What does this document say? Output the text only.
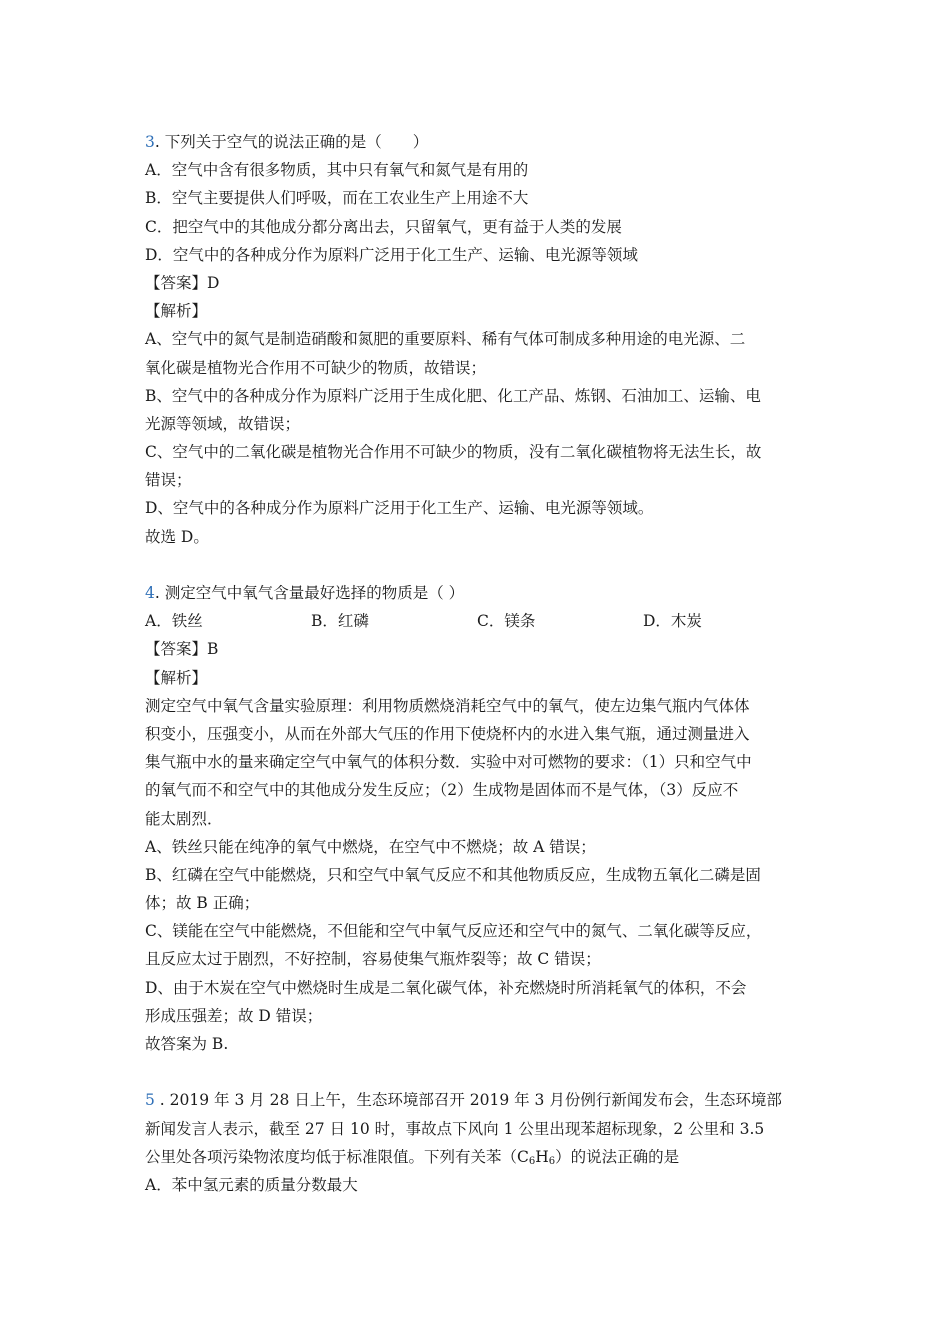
3. 下列关于空气的说法正确的是（　　）
A．空气中含有很多物质，其中只有氧气和氮气是有用的
B．空气主要提供人们呼吸，而在工农业生产上用途不大
C．把空气中的其他成分都分离出去，只留氧气，更有益于人类的发展
D．空气中的各种成分作为原料广泛用于化工生产、运输、电光源等领域
【答案】D
【解析】
A、空气中的氮气是制造硝酸和氮肥的重要原料、稀有气体可制成多种用途的电光源、二
氧化碳是植物光合作用不可缺少的物质，故错误；
B、空气中的各种成分作为原料广泛用于生成化肥、化工产品、炼钢、石油加工、运输、电
光源等领域，故错误；
C、空气中的二氧化碳是植物光合作用不可缺少的物质，没有二氧化碳植物将无法生长，故
错误；
D、空气中的各种成分作为原料广泛用于化工生产、运输、电光源等领域。
故选 D。
4. 测定空气中氧气含量最好选择的物质是（ ）
A．铁丝	B．红磷	C．镁条	D．木炭
【答案】B
【解析】
测定空气中氧气含量实验原理：利用物质燃烧消耗空气中的氧气，使左边集气瓶内气体体
积变小，压强变小，从而在外部大气压的作用下使烧杯内的水进入集气瓶，通过测量进入
集气瓶中水的量来确定空气中氧气的体积分数．实验中对可燃物的要求：（1）只和空气中
的氧气而不和空气中的其他成分发生反应；（2）生成物是固体而不是气体，（3）反应不
能太剧烈．
A、铁丝只能在纯净的氧气中燃烧，在空气中不燃烧；故 A 错误；
B、红磷在空气中能燃烧，只和空气中氧气反应不和其他物质反应，生成物五氧化二磷是固
体；故 B 正确；
C、镁能在空气中能燃烧，不但能和空气中氧气反应还和空气中的氮气、二氧化碳等反应，
且反应太过于剧烈，不好控制，容易使集气瓶炸裂等；故 C 错误；
D、由于木炭在空气中燃烧时生成是二氧化碳气体，补充燃烧时所消耗氧气的体积，不会
形成压强差；故 D 错误；
故答案为 B.
5 . 2019 年 3 月 28 日上午，生态环境部召开 2019 年 3 月份例行新闻发布会，生态环境部
新闻发言人表示，截至 27 日 10 时，事故点下风向 1 公里出现苯超标现象，2 公里和 3.5
公里处各项污染物浓度均低于标准限值。下列有关苯$(C_6H_6)$的说法正确的是
A．苯中氢元素的质量分数最大
